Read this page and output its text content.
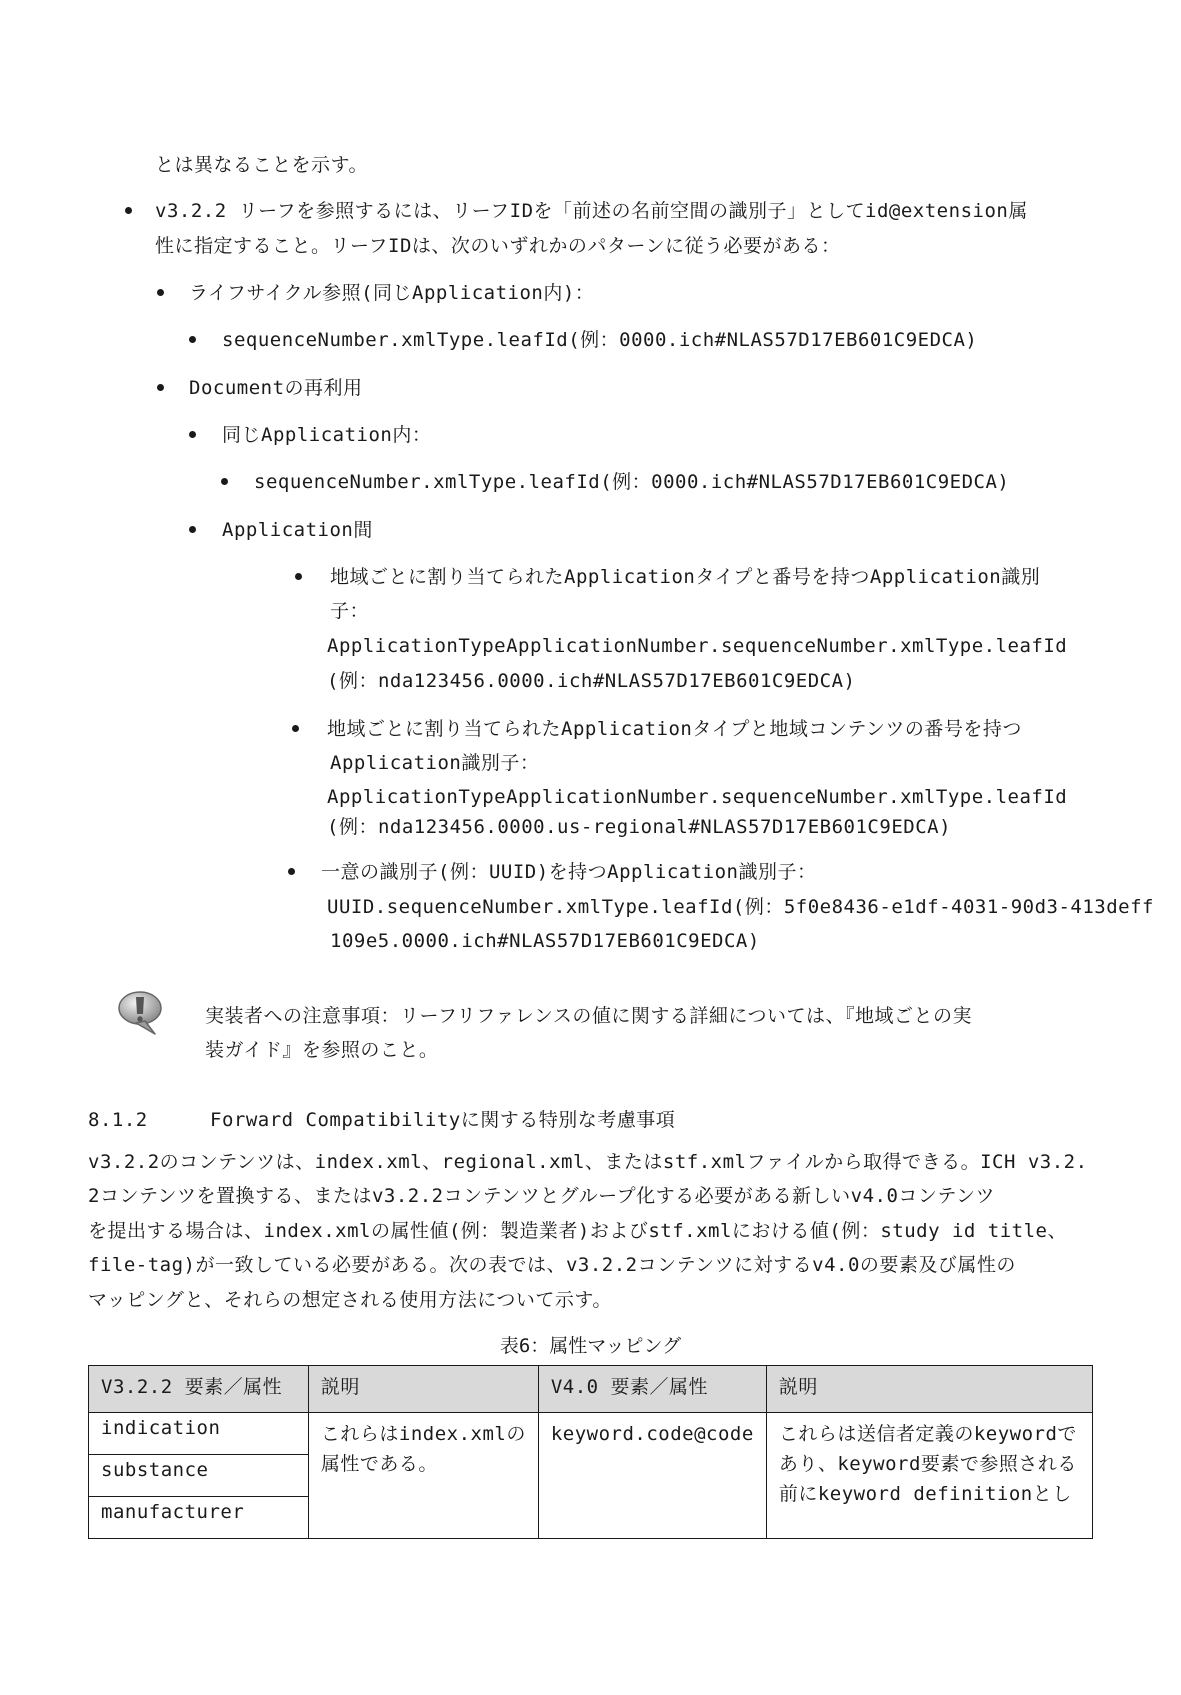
とは異なることを示す。
v3.2.2 リーフを参照するには、リーフIDを「前述の名前空間の識別子」としてid@extension属
性に指定すること。リーフIDは、次のいずれかのパターンに従う必要がある：
ライフサイクル参照(同じApplication内)：
sequenceNumber.xmlType.leafId(例：0000.ich#NLAS57D17EB601C9EDCA)
Documentの再利用
同じApplication内：
sequenceNumber.xmlType.leafId(例：0000.ich#NLAS57D17EB601C9EDCA)
Application間
地域ごとに割り当てられたApplicationタイプと番号を持つApplication識別
子：
ApplicationTypeApplicationNumber.sequenceNumber.xmlType.leafId
(例：nda123456.0000.ich#NLAS57D17EB601C9EDCA)
地域ごとに割り当てられたApplicationタイプと地域コンテンツの番号を持つ
Application識別子：
ApplicationTypeApplicationNumber.sequenceNumber.xmlType.leafId
(例：nda123456.0000.us-regional#NLAS57D17EB601C9EDCA)
一意の識別子(例：UUID)を持つApplication識別子：
UUID.sequenceNumber.xmlType.leafId(例：5f0e8436-e1df-4031-90d3-413deff
109e5.0000.ich#NLAS57D17EB601C9EDCA)
実装者への注意事項：リーフリファレンスの値に関する詳細については、『地域ごとの実
装ガイド』を参照のこと。
8.1.2	Forward Compatibilityに関する特別な考慮事項
v3.2.2のコンテンツは、index.xml、regional.xml、またはstf.xmlファイルから取得できる。ICH v3.2.
2コンテンツを置換する、またはv3.2.2コンテンツとグループ化する必要がある新しいv4.0コンテンツ
を提出する場合は、index.xmlの属性値(例：製造業者)およびstf.xmlにおける値(例：study id title、
file-tag)が一致している必要がある。次の表では、v3.2.2コンテンツに対するv4.0の要素及び属性の
マッピングと、それらの想定される使用方法について示す。
表6：属性マッピング
V3.2.2 要素／属性	説明	V4.0 要素／属性	説明
indication	これらはindex.xmlの属性である。	keyword.code@code	これらは送信者定義のkeywordであり、keyword要素で参照される前にkeyword definitionとし
substance			
manufacturer			
